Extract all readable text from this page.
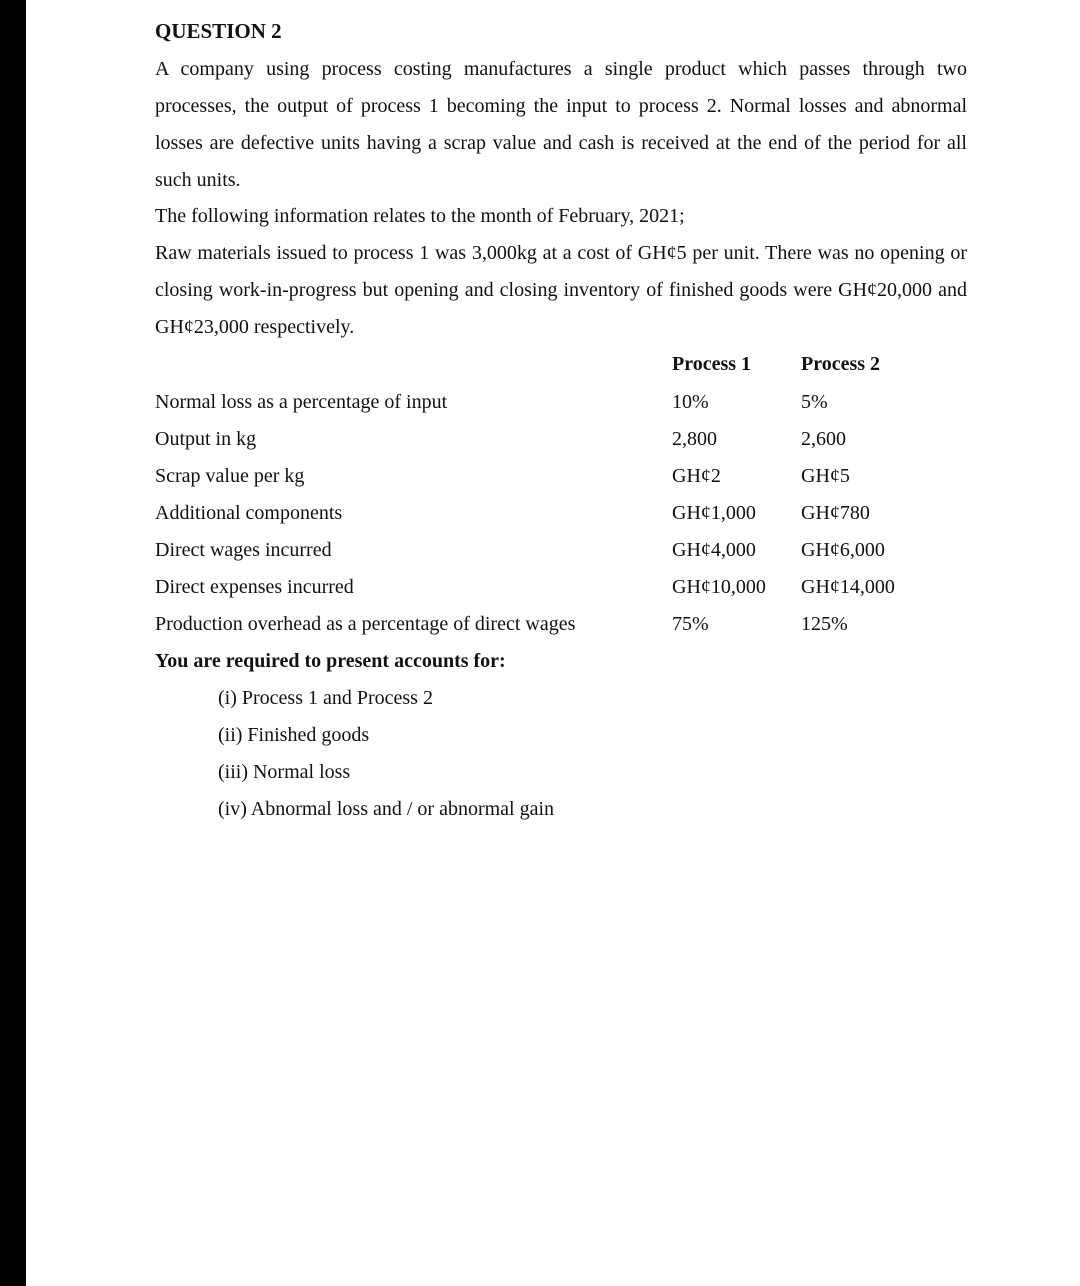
QUESTION 2

A company using process costing manufactures a single product which passes through two processes, the output of process 1 becoming the input to process 2. Normal losses and abnormal losses are defective units having a scrap value and cash is received at the end of the period for all such units.

The following information relates to the month of February, 2021;

Raw materials issued to process 1 was 3,000kg at a cost of GH¢5 per unit. There was no opening or closing work-in-progress but opening and closing inventory of finished goods were GH¢20,000 and GH¢23,000 respectively.

Process 1 Process 2
Normal loss as a percentage of input	10%	5%
Output in kg	2,800	2,600
Scrap value per kg	GH¢2	GH¢5
Additional components	GH¢1,000 GH¢780
Direct wages incurred	GH¢4,000 GH¢6,000
Direct expenses incurred	GH¢10,000 GH¢14,000
Production overhead as a percentage of direct wages	75%	125%
You are required to present accounts for:
(i) Process 1 and Process 2
(ii) Finished goods
(iii) Normal loss
(iv) Abnormal loss and / or abnormal gain
